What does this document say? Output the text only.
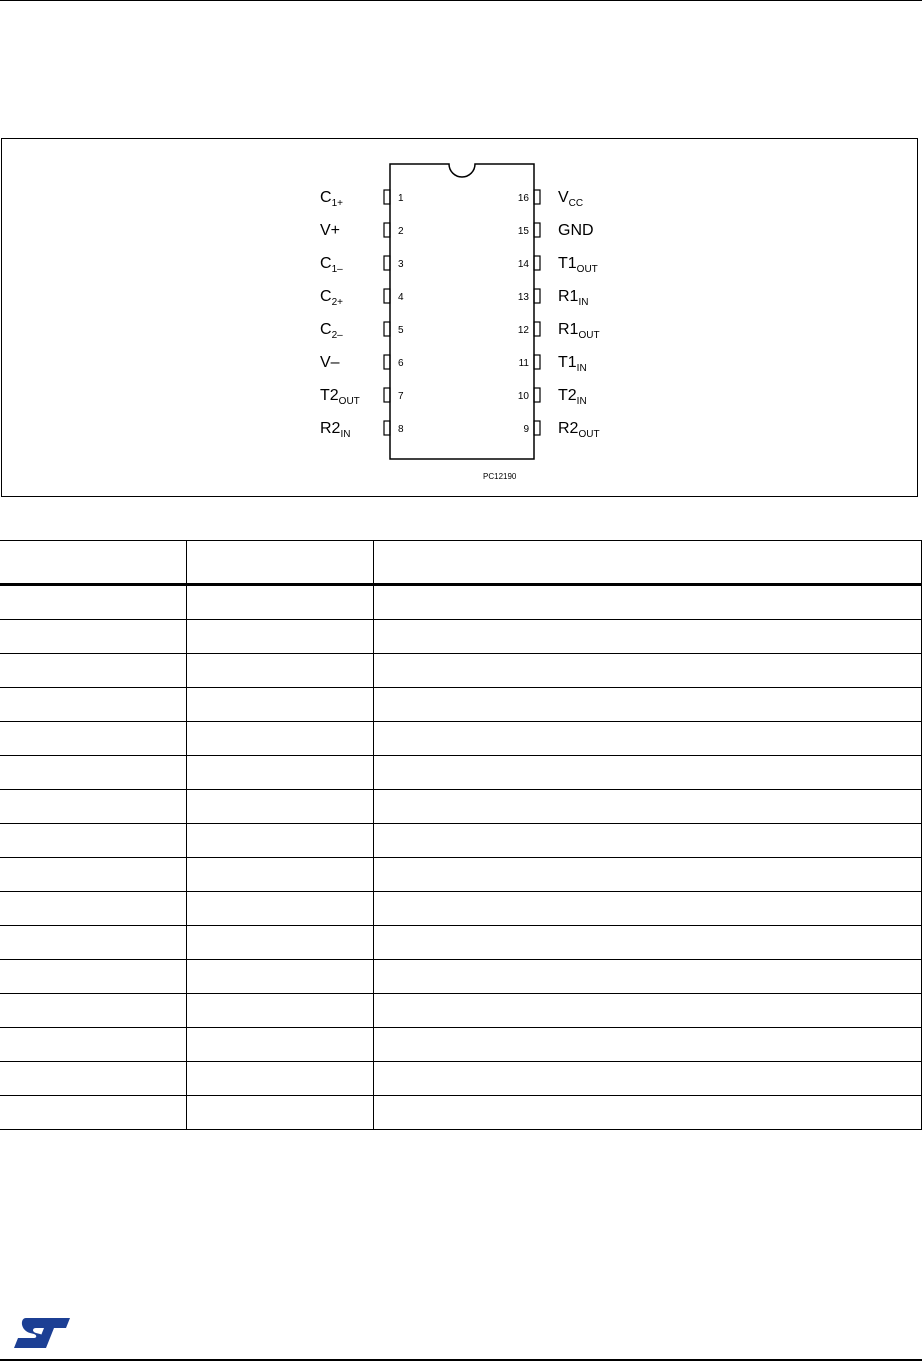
1
$C_{1+}$
2
V+
3
$C_{1-}$
4
$C_{2+}$
5
$C_{2-}$
6
V–
7
$T2_{OUT}$
8
$R2_{IN}$
16 $V_{CC}$
15 GND
14 $T1_{OUT}$
13 $R1_{IN}$
12 $R1_{OUT}$
11 $T1_{IN}$
10 $T2_{IN}$
9 $R2_{OUT}$
PC12190
